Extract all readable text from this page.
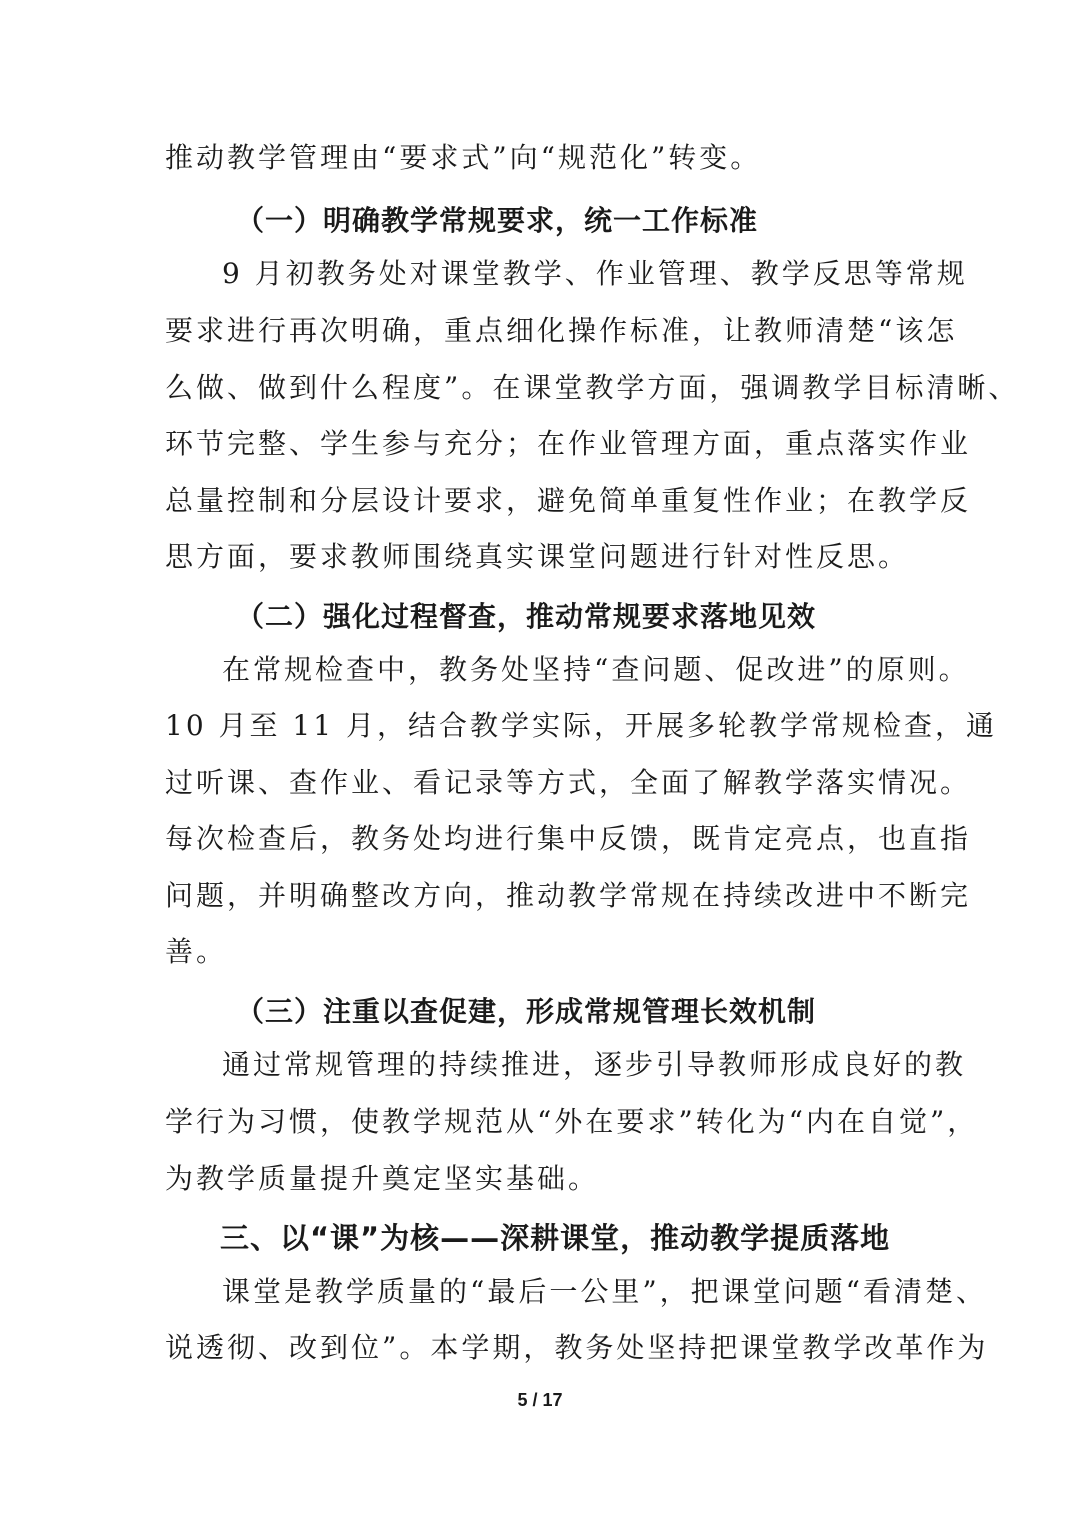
推动教学管理由“要求式”向“规范化”转变。
（一）明确教学常规要求，统一工作标准
9 月初教务处对课堂教学、作业管理、教学反思等常规
要求进行再次明确，重点细化操作标准，让教师清楚“该怎
么做、做到什么程度”。在课堂教学方面，强调教学目标清晰、
环节完整、学生参与充分；在作业管理方面，重点落实作业
总量控制和分层设计要求，避免简单重复性作业；在教学反
思方面，要求教师围绕真实课堂问题进行针对性反思。
（二）强化过程督查，推动常规要求落地见效
在常规检查中，教务处坚持“查问题、促改进”的原则。
10 月至 11 月，结合教学实际，开展多轮教学常规检查，通
过听课、查作业、看记录等方式，全面了解教学落实情况。
每次检查后，教务处均进行集中反馈，既肯定亮点，也直指
问题，并明确整改方向，推动教学常规在持续改进中不断完
善。
（三）注重以查促建，形成常规管理长效机制
通过常规管理的持续推进，逐步引导教师形成良好的教
学行为习惯，使教学规范从“外在要求”转化为“内在自觉”，
为教学质量提升奠定坚实基础。
三、以“课”为核——深耕课堂，推动教学提质落地
课堂是教学质量的“最后一公里”，把课堂问题“看清楚、
说透彻、改到位”。本学期，教务处坚持把课堂教学改革作为
5 / 17
